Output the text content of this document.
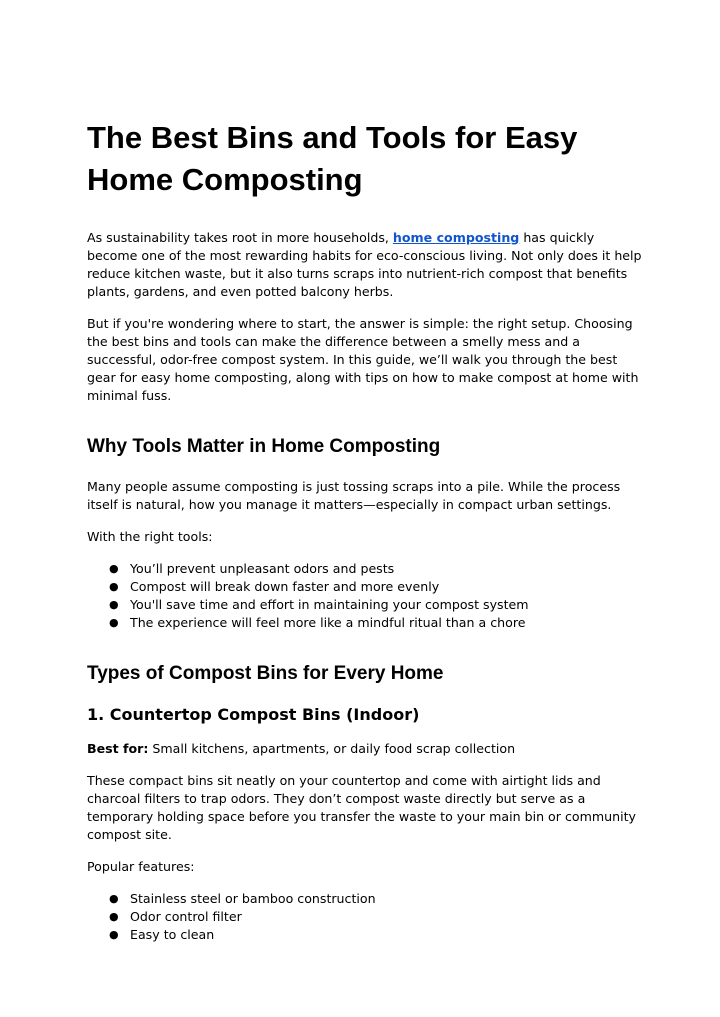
The Best Bins and Tools for Easy Home Composting

As sustainability takes root in more households, home composting has quickly become one of the most rewarding habits for eco-conscious living. Not only does it help reduce kitchen waste, but it also turns scraps into nutrient-rich compost that benefits plants, gardens, and even potted balcony herbs.

But if you're wondering where to start, the answer is simple: the right setup. Choosing the best bins and tools can make the difference between a smelly mess and a successful, odor-free compost system. In this guide, we’ll walk you through the best gear for easy home composting, along with tips on how to make compost at home with minimal fuss.

Why Tools Matter in Home Composting

Many people assume composting is just tossing scraps into a pile. While the process itself is natural, how you manage it matters—especially in compact urban settings.

With the right tools:

● You’ll prevent unpleasant odors and pests
● Compost will break down faster and more evenly
● You'll save time and effort in maintaining your compost system
● The experience will feel more like a mindful ritual than a chore
Types of Compost Bins for Every Home
1. Countertop Compost Bins (Indoor)

Best for: Small kitchens, apartments, or daily food scrap collection

These compact bins sit neatly on your countertop and come with airtight lids and charcoal filters to trap odors. They don’t compost waste directly but serve as a temporary holding space before you transfer the waste to your main bin or community compost site.

Popular features:

● Stainless steel or bamboo construction
● Odor control filter
● Easy to clean
